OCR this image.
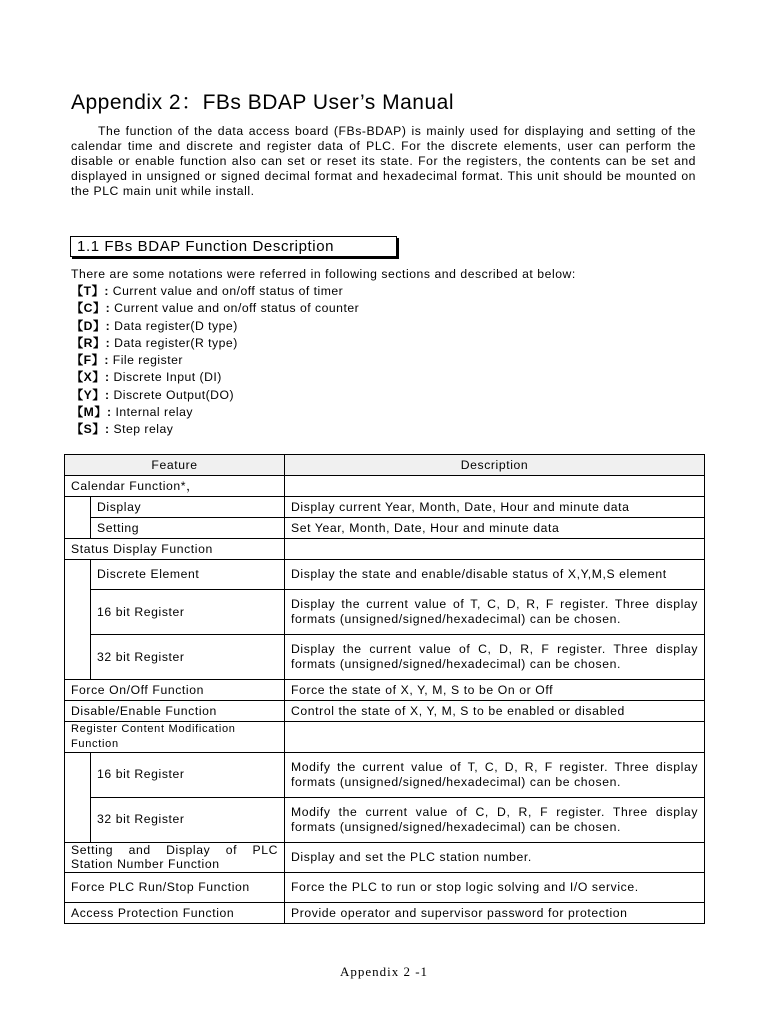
Appendix 2：FBs BDAP User’s Manual
The function of the data access board (FBs-BDAP) is mainly used for displaying and setting of the calendar time and discrete and register data of PLC. For the discrete elements, user can perform the disable or enable function also can set or reset its state. For the registers, the contents can be set and displayed in unsigned or signed decimal format and hexadecimal format. This unit should be mounted on the PLC main unit while install.
1.1 FBs BDAP Function Description
There are some notations were referred in following sections and described at below:
【T】: Current value and on/off status of timer
【C】: Current value and on/off status of counter
【D】: Data register(D type)
【R】: Data register(R type)
【F】: File register
【X】: Discrete Input (DI)
【Y】: Discrete Output(DO)
【M】: Internal relay
【S】: Step relay
Feature		Description
Calendar Function*，		
	Display	Display current Year, Month, Date, Hour and minute data
	Setting	Set Year, Month, Date, Hour and minute data
Status Display Function		
	Discrete Element	Display the state and enable/disable status of X,Y,M,S element
	16 bit Register	Display the current value of T, C, D, R, F register. Three display formats (unsigned/signed/hexadecimal) can be chosen.
	32 bit Register	Display the current value of C, D, R, F register. Three display formats (unsigned/signed/hexadecimal) can be chosen.
Force On/Off Function		Force the state of X, Y, M, S to be On or Off
Disable/Enable Function		Control the state of X, Y, M, S to be enabled or disabled
Register Content Modification Function		
	16 bit Register	Modify the current value of T, C, D, R, F register. Three display formats (unsigned/signed/hexadecimal) can be chosen.
	32 bit Register	Modify the current value of C, D, R, F register. Three display formats (unsigned/signed/hexadecimal) can be chosen.
Setting and Display of PLC Station Number Function		Display and set the PLC station number.
Force PLC Run/Stop Function		Force the PLC to run or stop logic solving and I/O service.
Access Protection Function		Provide operator and supervisor password for protection
Appendix 2 -1
